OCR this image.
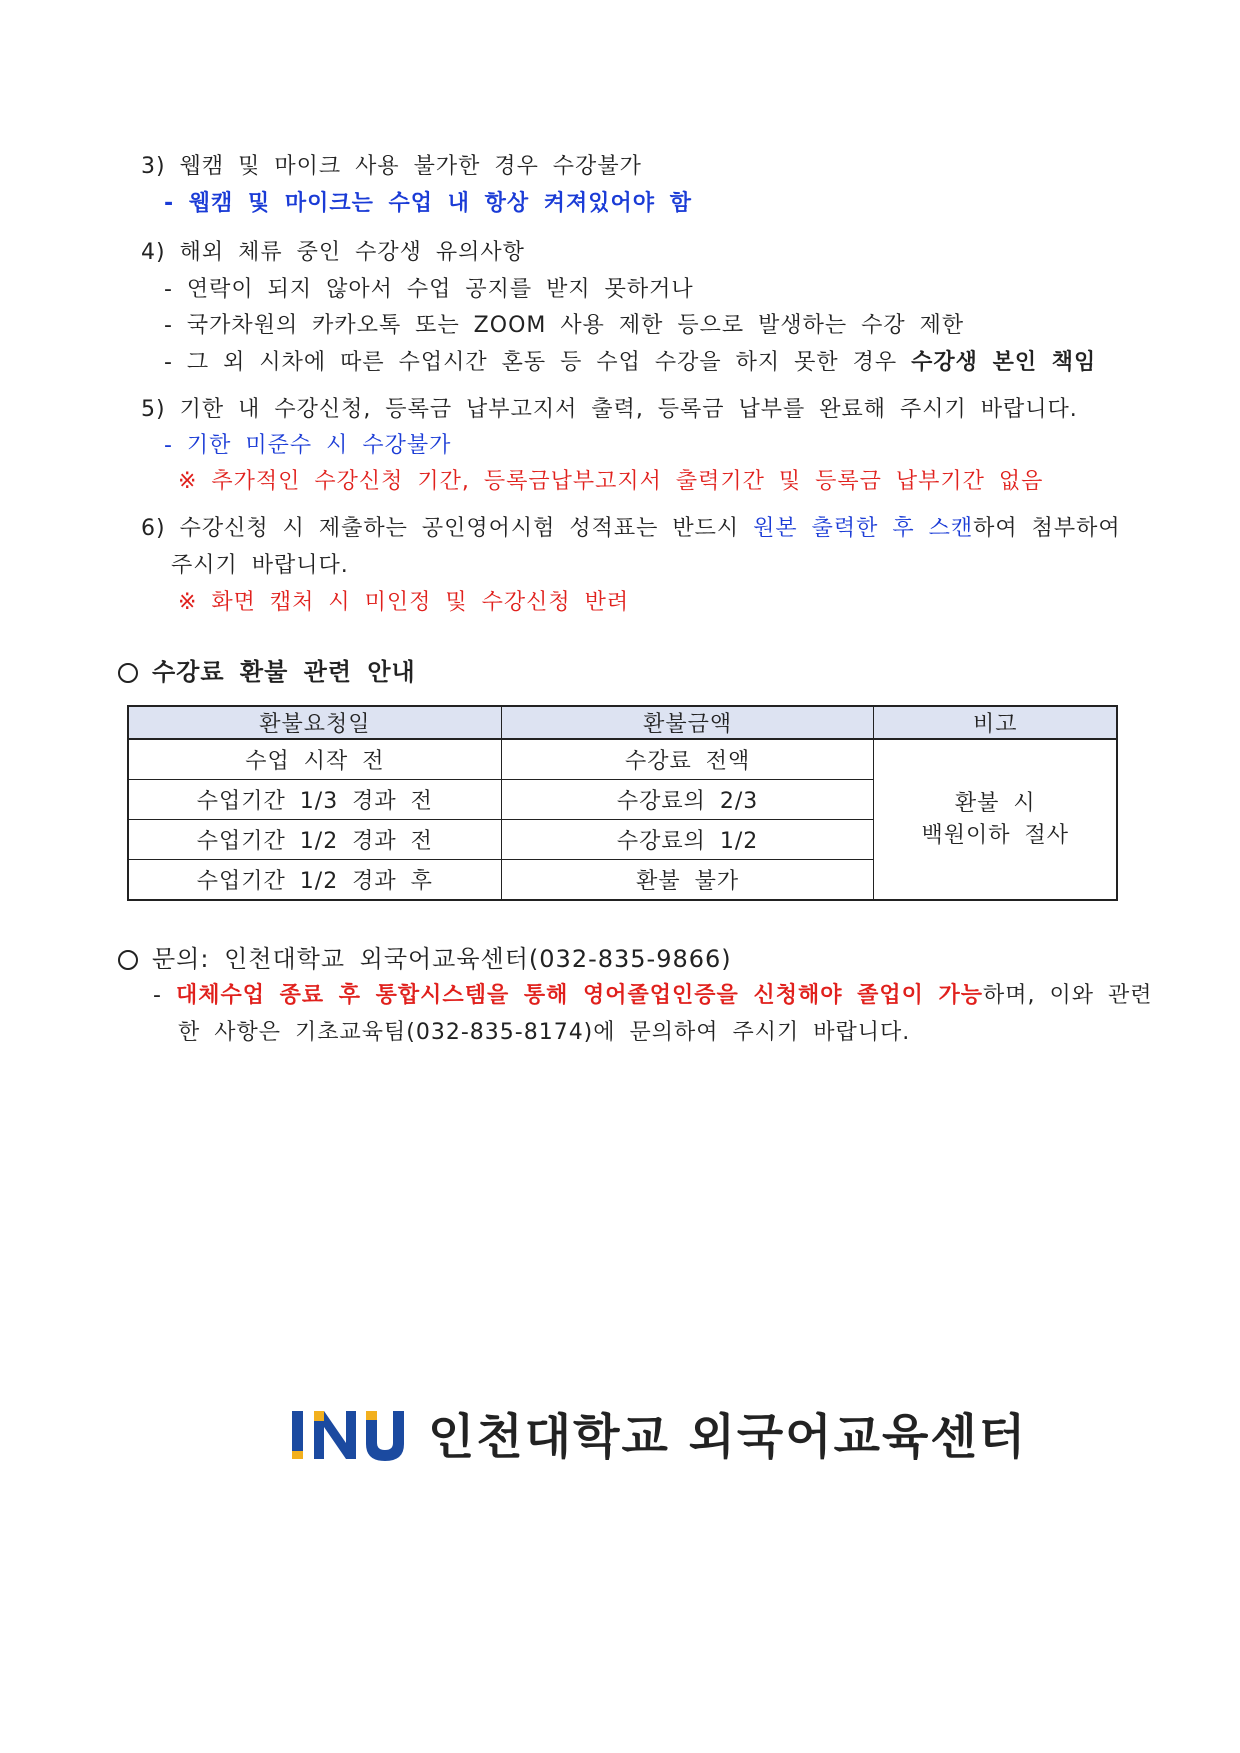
3) 웹캠 및 마이크 사용 불가한 경우 수강불가
- 웹캠 및 마이크는 수업 내 항상 켜져있어야 함
4) 해외 체류 중인 수강생 유의사항
- 연락이 되지 않아서 수업 공지를 받지 못하거나
- 국가차원의 카카오톡 또는 ZOOM 사용 제한 등으로 발생하는 수강 제한
- 그 외 시차에 따른 수업시간 혼동 등 수업 수강을 하지 못한 경우 수강생 본인 책임
5) 기한 내 수강신청, 등록금 납부고지서 출력, 등록금 납부를 완료해 주시기 바랍니다.
- 기한 미준수 시 수강불가
※ 추가적인 수강신청 기간, 등록금납부고지서 출력기간 및 등록금 납부기간 없음
6) 수강신청 시 제출하는 공인영어시험 성적표는 반드시 원본 출력한 후 스캔하여 첨부하여
주시기 바랍니다.
※ 화면 캡처 시 미인정 및 수강신청 반려
수강료 환불 관련 안내
환불요청일	환불금액	비고
수업 시작 전	수강료 전액	환불 시
백원이하 절사

수업기간 1/3 경과 전	수강료의 2/3	
수업기간 1/2 경과 전	수강료의 1/2	
수업기간 1/2 경과 후	환불 불가	
문의: 인천대학교 외국어교육센터(032-835-9866)
- 대체수업 종료 후 통합시스템을 통해 영어졸업인증을 신청해야 졸업이 가능하며, 이와 관련
한 사항은 기초교육팀(032-835-8174)에 문의하여 주시기 바랍니다.
인천대학교 외국어교육센터
